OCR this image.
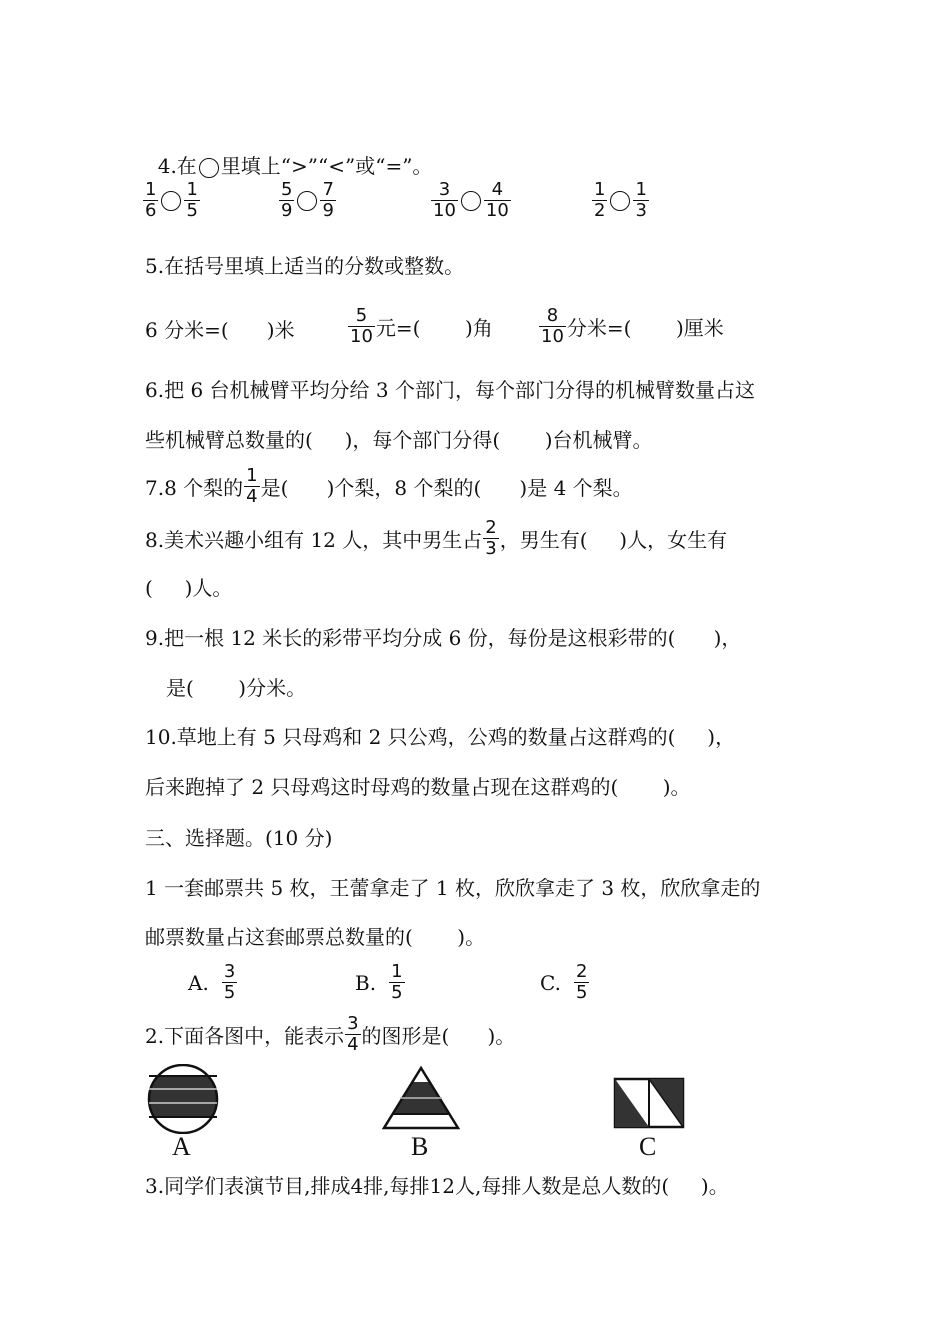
4.在 里填上“>”“<”或“=”。

$\frac{1}{6} \frac{1}{5}$	$\frac{5}{9} \frac{7}{9}$	$\frac{3}{10} \frac{4}{10}$	$\frac{1}{2} \frac{1}{3}$
5.在括号里填上适当的分数或整数。
6 分米=(      )米	$\frac{5}{10}$ 元=(       )角	$\frac{8}{10}$ 分米=(       )厘米
6.把 6 台机械臂平均分给 3 个部门，每个部门分得的机械臂数量占这
些机械臂总数量的(     )，每个部门分得(       )台机械臂。
7.8 个梨的 $\frac{1}{4}$ 是(      )个梨，8 个梨的(      )是 4 个梨。
8.美术兴趣小组有 12 人，其中男生占 $\frac{2}{3}$ ，男生有(     )人，女生有
(     )人。
9.把一根 12 米长的彩带平均分成 6 份，每份是这根彩带的(      )，
是(       )分米。
10.草地上有 5 只母鸡和 2 只公鸡，公鸡的数量占这群鸡的(     )，
后来跑掉了 2 只母鸡这时母鸡的数量占现在这群鸡的(       )。
三、选择题。(10 分)
1 一套邮票共 5 枚，王蕾拿走了 1 枚，欣欣拿走了 3 枚，欣欣拿走的
邮票数量占这套邮票总数量的(       )。
A. $\frac{3}{5}$	B. $\frac{1}{5}$	C. $\frac{2}{5}$
2.下面各图中，能表示 $\frac{3}{4}$ 的图形是(      )。
A	B	C
3.同学们表演节目,排成4排,每排12人,每排人数是总人数的(     )。
